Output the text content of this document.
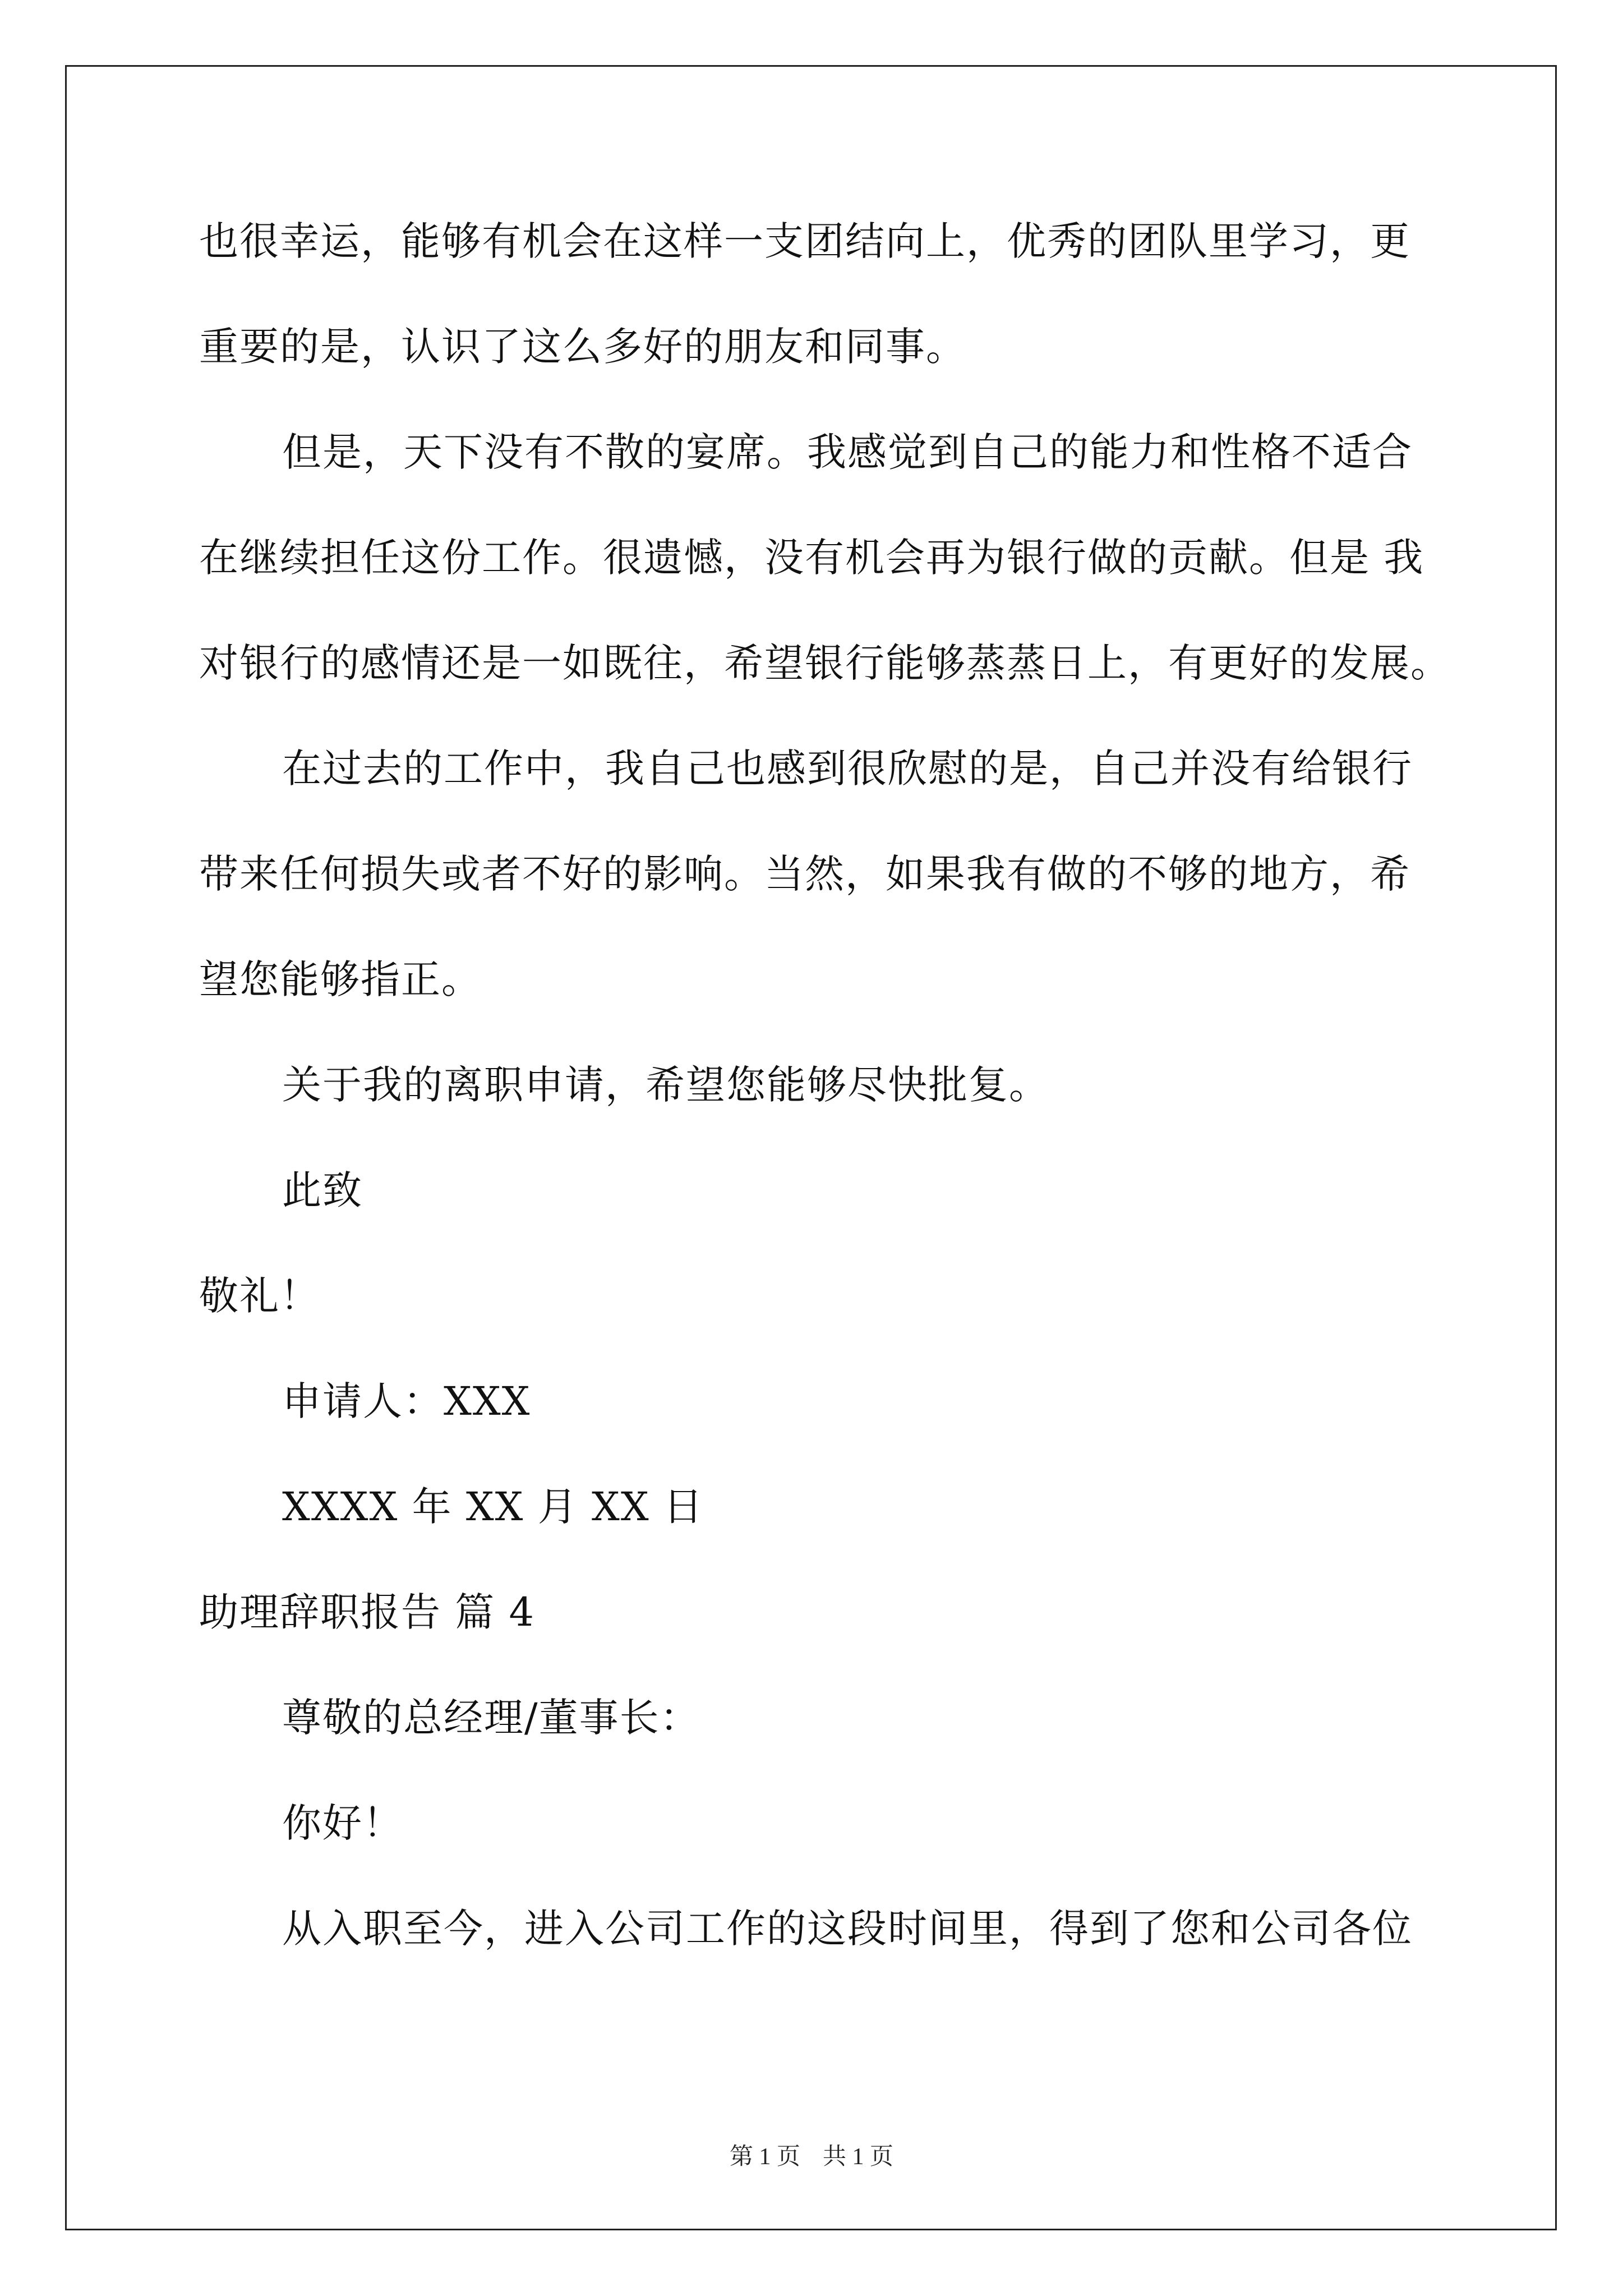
也很幸运，能够有机会在这样一支团结向上，优秀的团队里学习，更
重要的是，认识了这么多好的朋友和同事。
但是，天下没有不散的宴席。我感觉到自己的能力和性格不适合
在继续担任这份工作。很遗憾，没有机会再为银行做的贡献。但是 我
对银行的感情还是一如既往，希望银行能够蒸蒸日上，有更好的发展。
在过去的工作中，我自己也感到很欣慰的是，自己并没有给银行
带来任何损失或者不好的影响。当然，如果我有做的不够的地方，希
望您能够指正。
关于我的离职申请，希望您能够尽快批复。
此致
敬礼！
申请人：XXX
XXXX 年 XX 月 XX 日
助理辞职报告 篇 4
尊敬的总经理/董事长：
你好！
从入职至今，进入公司工作的这段时间里，得到了您和公司各位
第 1 页 共 1 页
